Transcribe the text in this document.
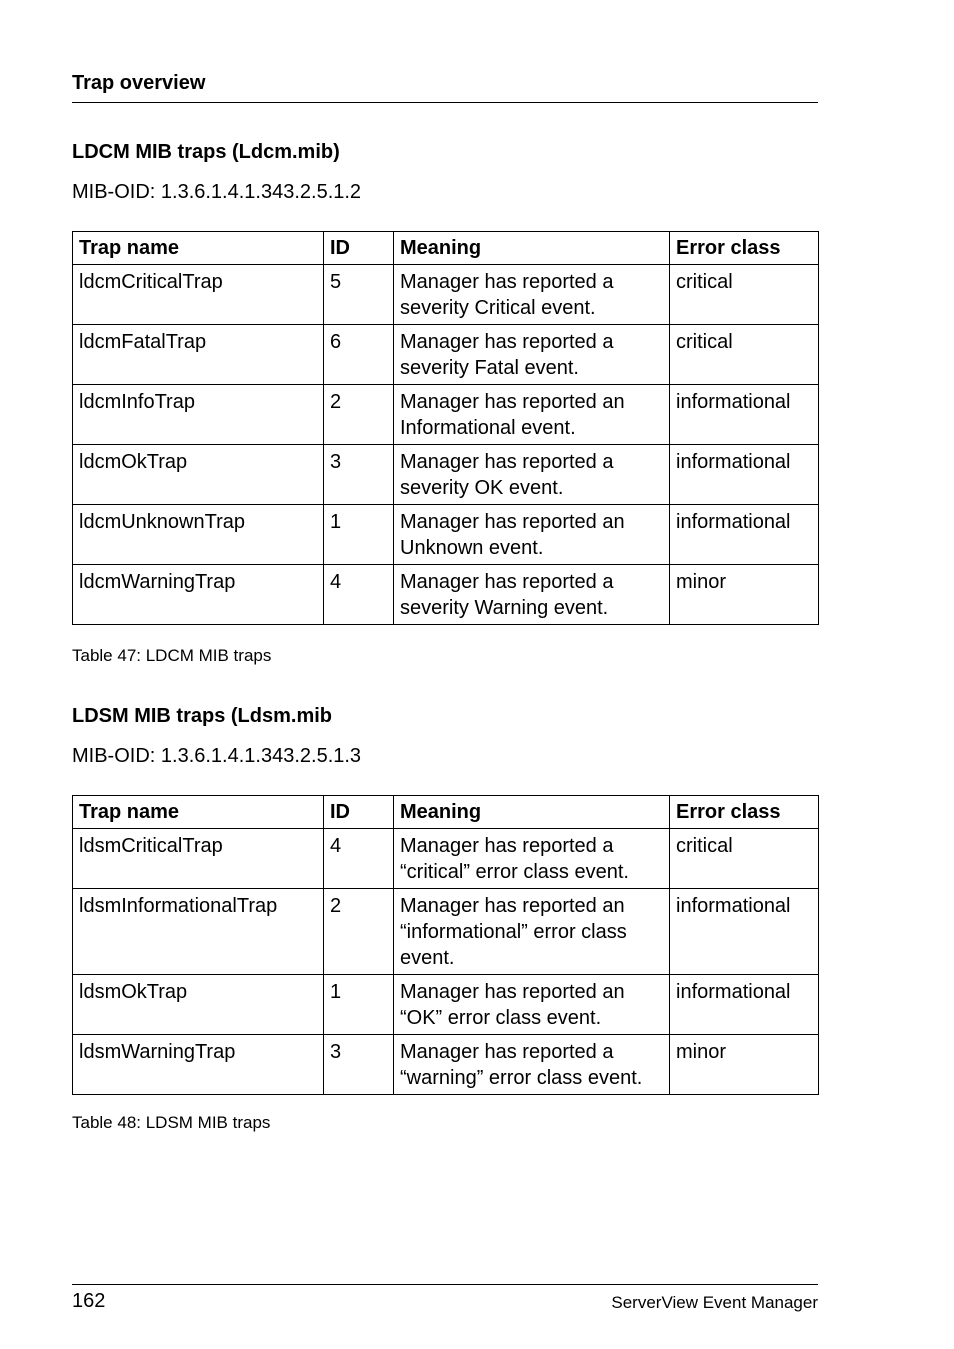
Trap overview
LDCM MIB traps (Ldcm.mib)
MIB-OID: 1.3.6.1.4.1.343.2.5.1.2
Trap name	ID	Meaning	Error class
ldcmCriticalTrap	5	Manager has reported a severity Critical event.	critical
ldcmFatalTrap	6	Manager has reported a severity Fatal event.	critical
ldcmInfoTrap	2	Manager has reported an Informational event.	informational
ldcmOkTrap	3	Manager has reported a severity OK event.	informational
ldcmUnknownTrap	1	Manager has reported an Unknown event.	informational
ldcmWarningTrap	4	Manager has reported a severity Warning event.	minor
Table 47: LDCM MIB traps
LDSM MIB traps (Ldsm.mib
MIB-OID: 1.3.6.1.4.1.343.2.5.1.3
Trap name	ID	Meaning	Error class
ldsmCriticalTrap	4	Manager has reported a “critical” error class event.	critical
ldsmInformationalTrap	2	Manager has reported an “informational” error class event.	informational
ldsmOkTrap	1	Manager has reported an “OK” error class event.	informational
ldsmWarningTrap	3	Manager has reported a “warning” error class event.	minor
Table 48: LDSM MIB traps
162	ServerView Event Manager
